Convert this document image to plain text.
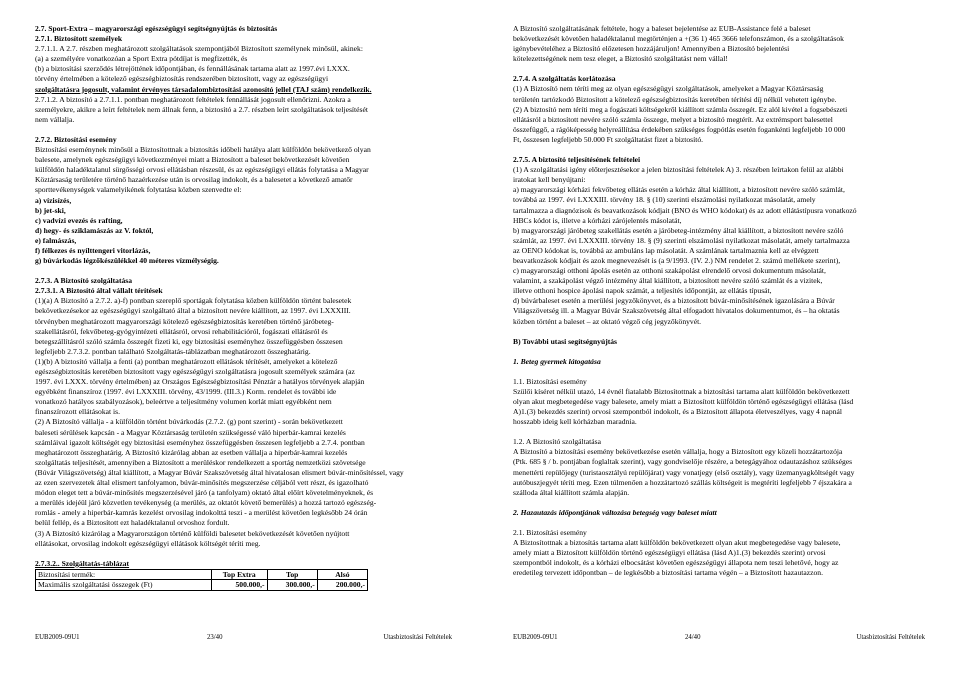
2.7. Sport-Extra – magyarországi egészségügyi segítségnyújtás és biztosítás

2.7.1. Biztosított személyek

2.7.1.1. A 2.7. részben meghatározott szolgáltatások szempontjából Biztosított személynek minősül, akinek:

(a) a személyére vonatkozóan a Sport Extra pótdíjat is megfizették, és

(b) a biztosítási szerződés létrejöttének időpontjában, és fennállásának tartama alatt az 1997.évi LXXX.

törvény értelmében a kötelező egészségbiztosítás rendszerében biztosított, vagy az egészségügyi

szolgáltatásra jogosult, valamint érvényes társadalombiztosítási azonosító jellel (TAJ szám) rendelkezik.

2.7.1.2. A biztosító a 2.7.1.1. pontban meghatározott feltételek fennállását jogosult ellenőrizni. Azokra a

személyekre, akikre a leírt feltételek nem állnak fenn, a biztosító a 2.7. részben leírt szolgáltatások teljesítését

nem vállalja.

2.7.2. Biztosítási esemény

Biztosítási eseménynek minősül a Biztosítottnak a biztosítás időbeli hatálya alatt külföldön bekövetkező olyan

balesete, amelynek egészségügyi következményei miatt a Biztosított a baleset bekövetkezését követően

külföldön haladéktalanul sürgősségi orvosi ellátásban részesül, és az egészségügyi ellátás folytatása a Magyar

Köztársaság területére történő hazaérkezése után is orvosilag indokolt, és a balesetet a következő amatőr

sporttevékenységek valamelyikének folytatása közben szenvedte el:

a) vízisízés,

b) jet-ski,

c) vadvízi evezés és rafting,

d) hegy- és sziklamászás az V. foktól,

e) falmászás,

f) félkezes és nyílttengeri vitorlázás,

g) búvárkodás légzőkészülékkel 40 méteres vízmélységig.

2.7.3. A Biztosító szolgáltatása

2.7.3.1. A Biztosító által vállalt térítések

(1)(a) A Biztosító a 2.7.2. a)-f) pontban szereplő sportágak folytatása közben külföldön történt balesetek

bekövetkezésekor az egészségügyi szolgáltató által a biztosított nevére kiállított, az 1997. évi LXXXIII.

törvényben meghatározott magyarországi kötelező egészségbiztosítás keretében történő járóbeteg-

szakellátásról, fekvőbeteg-gyógyintézeti ellátásról, orvosi rehabilitációról, fogászati ellátásról és

betegszállításról szóló számla összegét fizeti ki, egy biztosítási eseményhez összefüggésben összesen

legfeljebb 2.7.3.2. pontban található Szolgáltatás-táblázatban meghatározott összeghatárig.

(1)(b) A biztosító vállalja a fenti (a) pontban meghatározott ellátások térítését, amelyeket a kötelező

egészségbiztosítás keretében biztosított vagy egészségügyi szolgáltatásra jogosult személyek számára (az

1997. évi LXXX. törvény értelmében) az Országos Egészségbiztosítási Pénztár a hatályos törvények alapján

egyébként finanszíroz (1997. évi LXXXIII. törvény, 43/1999. (III.3.) Korm. rendelet és további ide

vonatkozó hatályos szabályozások), beleértve a teljesítmény volumen korlát miatt egyébként nem

finanszírozott ellátásokat is.

(2) A Biztosító vállalja - a külföldön történt búvárkodás (2.7.2. (g) pont szerint) - során bekövetkezett

baleseti sérülések kapcsán - a Magyar Köztársaság területén szükségessé váló hiperbár-kamrai kezelés

számláival igazolt költségét egy biztosítási eseményhez összefüggésben összesen legfeljebb a 2.7.4. pontban

meghatározott összeghatárig. A Biztosító kizárólag abban az esetben vállalja a hiperbár-kamrai kezelés

szolgáltatás teljesítését, amennyiben a Biztosított a merüléskor rendelkezett a sportág nemzetközi szövetsége

(Búvár Világszövetség) által kiállított, a Magyar Búvár Szakszövetség által hivatalosan elismert búvár-minősítéssel, vagy

az ezen szervezetek által elismert tanfolyamon, búvár-minősítés megszerzése céljából vett részt, és igazolható

módon eleget tett a búvár-minősítés megszerzésével járó (a tanfolyam) oktató által előírt követelményeknek, és

a merülés idejéül járó közvetlen tevékenység (a merülés, az oktatót követő bemerülés) a hozzá tartozó egészség-

romlás - amely a hiperbár-kamrás kezelést orvosilag indokolttá teszi - a merülést követően legkésőbb 24 órán

belül fellép, és a Biztosított ezt haladéktalanul orvoshoz fordult.

(3) A Biztosító kizárólag a Magyarországon történő külföldi balesetet bekövetkezését követően nyújtott

ellátásokat, orvosilag indokolt egészségügyi ellátások költségét téríti meg.

2.7.3.2.. Szolgáltatás-táblázat

Biztosítási termék:	Top Extra	Top	Alsó
Maximális szolgáltatási összegek (Ft)	500.000,-	300.000,-	200.000,-
EUB2009-09U1	23/40	Utasbiztosítási Feltételek

A Biztosító szolgáltatásának feltétele, hogy a baleset bejelentése az EUB-Assistance felé a baleset

bekövetkezését követően haladéktalanul megtörténjen a +(36 1) 465 3666 telefonszámon, és a szolgáltatások

igénybevételéhez a Biztosító előzetesen hozzájáruljon! Amennyiben a Biztosító bejelentési

kötelezettségének nem tesz eleget, a Biztosító szolgáltatást nem vállal!

2.7.4. A szolgáltatás korlátozása

(1) A Biztosító nem téríti meg az olyan egészségügyi szolgáltatások, amelyeket a Magyar Köztársaság

területén tartózkodó Biztosított a kötelező egészségbiztosítás keretében térítési díj nélkül vehetett igénybe.

(2) A biztosító nem téríti meg a fogászati költségekről kiállított számla összegét. Ez alól kivétel a fogsebészeti

ellátásról a biztosított nevére szóló számla összege, melyet a biztosító megtérít. Az extrémsport balesettel

összefüggő, a rágóképesség helyreállítása érdekében szükséges fogpótlás esetén fogankénti legfeljebb 10 000

Ft, összesen legfeljebb 50.000 Ft szolgáltatást fizet a biztosító.

2.7.5. A biztosító teljesítésének feltételei

(1) A szolgáltatási igény előterjesztésekor a jelen biztosítási feltételek A) 3. részében leírtakon felül az alábbi

iratokat kell benyújtani:

a) magyarországi kórházi fekvőbeteg ellátás esetén a kórház által kiállított, a biztosított nevére szóló számlát,

továbbá az 1997. évi LXXXIII. törvény 18. § (10) szerinti elszámolási nyilatkozat másolatát, amely

tartalmazza a diagnózisok és beavatkozások kódjait (BNO és WHO kódokat) és az adott ellátástípusra vonatkozó

HBCs kódot is, illetve a kórházi zárójelentés másolatát,

b) magyarországi járóbeteg szakellátás esetén a járóbeteg-intézmény által kiállított, a biztosított nevére szóló

számlát, az 1997. évi LXXXIII. törvény 18. § (9) szerinti elszámolási nyilatkozat másolatát, amely tartalmazza

az OENO kódokat is, továbbá az ambuláns lap másolatát. A számlának tartalmaznia kell az elvégzett

beavatkozások kódjait és azok megnevezését is (a 9/1993. (IV. 2.) NM rendelet 2. számú mellékete szerint),

c) magyarországi otthoni ápolás esetén az otthoni szakápolást elrendelő orvosi dokumentum másolatát,

valamint, a szakápolást végző intézmény által kiállított, a biztosított nevére szóló számlát és a vizitek,

illetve otthoni hospice ápolási napok számát, a teljesítés időpontját, az ellátás típusát,

d) búvárbaleset esetén a merülési jegyzőkönyvet, és a biztosított búvár-minősítésének igazolására a Búvár

Világszövetség ill. a Magyar Búvár Szakszövetség által elfogadott hivatalos dokumentumot, és – ha oktatás

közben történt a baleset – az oktató végző cég jegyzőkönyvét.

B) További utasi segítségnyújtás

1. Beteg gyermek látogatása

1.1. Biztosítási esemény

Szülői kíséret nélkül utazó, 14 évnél fiatalabb Biztosítottnak a biztosítási tartama alatt külföldön bekövetkezett

olyan akut megbetegedése vagy balesete, amely miatt a Biztosított külföldön történő egészségügyi ellátása (lásd

A)1.(3) bekezdés szerint) orvosi szempontból indokolt, és a Biztosított állapota életveszélyes, vagy 4 napnál

hosszabb ideig kell kórházban maradnia.

1.2. A Biztosító szolgáltatása

A Biztosító a biztosítási esemény bekövetkezése esetén vállalja, hogy a Biztosított egy közeli hozzátartozója

(Ptk. 685 § / b. pontjában foglaltak szerint), vagy gondviselője részére, a betegágyához odautazáshoz szükséges

menettérti repülőjegy (turistaosztályú repülőjárat) vagy vonatjegy (első osztály), vagy üzemanyagköltségét vagy

autóbuszjegyét téríti meg. Ezen túlmenően a hozzátartozó szállás költségeit is megtéríti legfeljebb 7 éjszakára a

szálloda által kiállított számla alapján.

2. Hazautazás időpontjának változása betegség vagy baleset miatt

2.1. Biztosítási esemény

A Biztosítottnak a biztosítás tartama alatt külföldön bekövetkezett olyan akut megbetegedése vagy balesete,

amely miatt a Biztosított külföldön történő egészségügyi ellátása (lásd A)1.(3) bekezdés szerint) orvosi

szempontból indokolt, és a kórházi elbocsátást követően egészségügyi állapota nem teszi lehetővé, hogy az

eredetileg tervezett időpontban – de legkésőbb a biztosítási tartama végén – a Biztosított hazautazzon.

EUB2009-09U1	24/40	Utasbiztosítási Feltételek
